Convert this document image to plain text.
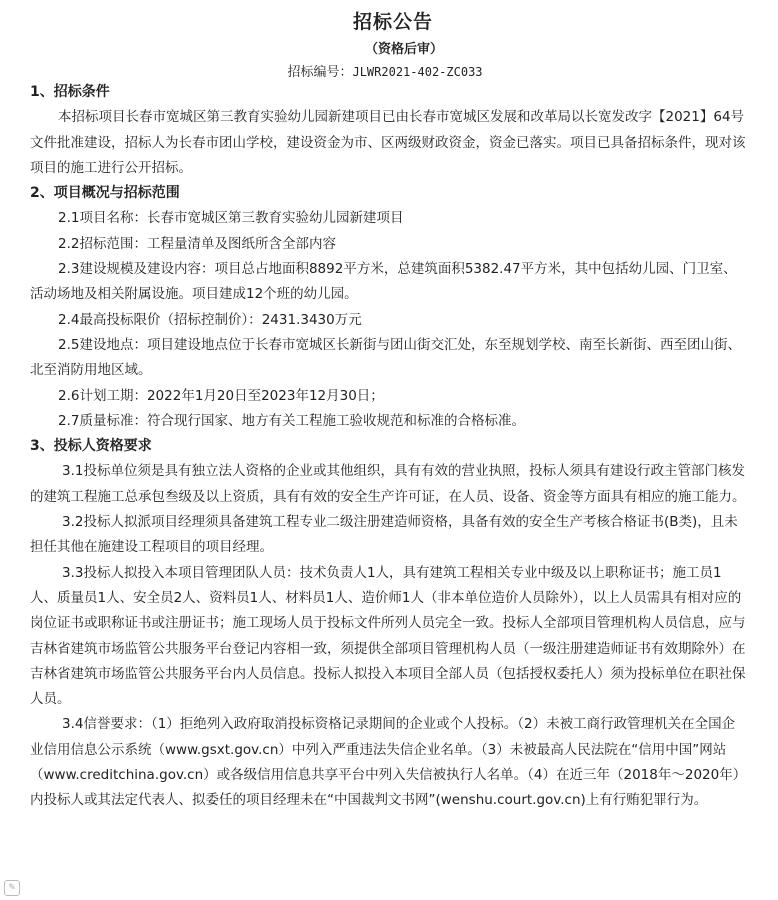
招标公告
（资格后审）
招标编号：JLWR2021-402-ZC033

1、招标条件

本招标项目长春市宽城区第三教育实验幼儿园新建项目已由长春市宽城区发展和改革局以长宽发改字【2021】64号文件批准建设，招标人为长春市团山学校，建设资金为市、区两级财政资金，资金已落实。项目已具备招标条件，现对该项目的施工进行公开招标。

2、项目概况与招标范围

2.1项目名称：长春市宽城区第三教育实验幼儿园新建项目

2.2招标范围：工程量清单及图纸所含全部内容

2.3建设规模及建设内容：项目总占地面积8892平方米，总建筑面积5382.47平方米，其中包括幼儿园、门卫室、活动场地及相关附属设施。项目建成12个班的幼儿园。

2.4最高投标限价（招标控制价）：2431.3430万元

2.5建设地点：项目建设地点位于长春市宽城区长新街与团山街交汇处，东至规划学校、南至长新街、西至团山街、北至消防用地区域。

2.6计划工期：2022年1月20日至2023年12月30日；

2.7质量标准：符合现行国家、地方有关工程施工验收规范和标准的合格标准。

3、投标人资格要求

3.1投标单位须是具有独立法人资格的企业或其他组织，具有有效的营业执照，投标人须具有建设行政主管部门核发的建筑工程施工总承包叁级及以上资质，具有有效的安全生产许可证，在人员、设备、资金等方面具有相应的施工能力。

3.2投标人拟派项目经理须具备建筑工程专业二级注册建造师资格，具备有效的安全生产考核合格证书(B类)，且未担任其他在施建设工程项目的项目经理。

3.3投标人拟投入本项目管理团队人员：技术负责人1人，具有建筑工程相关专业中级及以上职称证书；施工员1人、质量员1人、安全员2人、资料员1人、材料员1人、造价师1人（非本单位造价人员除外），以上人员需具有相对应的岗位证书或职称证书或注册证书；施工现场人员于投标文件所列人员完全一致。投标人全部项目管理机构人员信息，应与吉林省建筑市场监管公共服务平台登记内容相一致，须提供全部项目管理机构人员（一级注册建造师证书有效期除外）在吉林省建筑市场监管公共服务平台内人员信息。投标人拟投入本项目全部人员（包括授权委托人）须为投标单位在职社保人员。

3.4信誉要求：（1）拒绝列入政府取消投标资格记录期间的企业或个人投标。（2）未被工商行政管理机关在全国企业信用信息公示系统（www.gsxt.gov.cn）中列入严重违法失信企业名单。（3）未被最高人民法院在“信用中国”网站（www.creditchina.gov.cn）或各级信用信息共享平台中列入失信被执行人名单。（4）在近三年（2018年～2020年）内投标人或其法定代表人、拟委任的项目经理未在“中国裁判文书网”(wenshu.court.gov.cn)上有行贿犯罪行为。

✎
